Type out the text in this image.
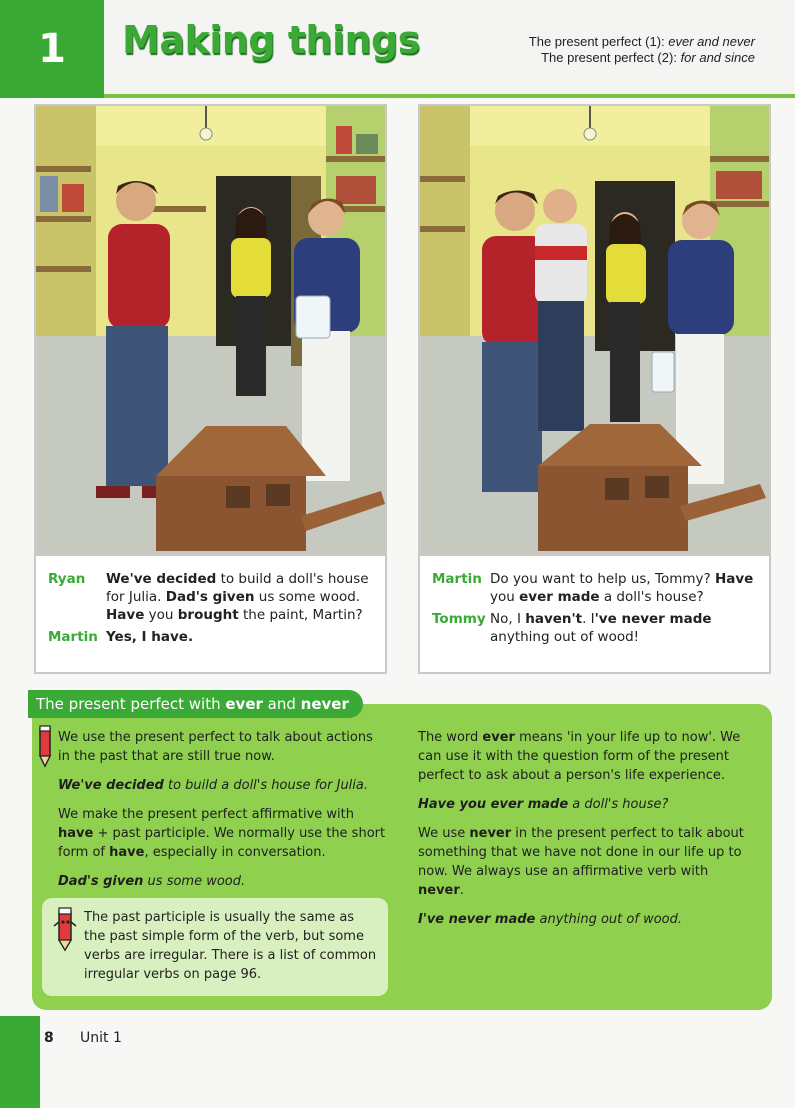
1	Making things	The present perfect (1): ever and never
The present perfect (2): for and since
Ryan	We've decided to build a doll's house for Julia. Dad's given us some wood. Have you brought the paint, Martin?
Martin Yes, I have.
Martin Do you want to help us, Tommy? Have you ever made a doll's house?
Tommy No, I haven't. I've never made anything out of wood!
The present perfect with ever and never

We use the present perfect to talk about actions in the past that are still true now.

We've decided to build a doll's house for Julia.

We make the present perfect affirmative with have + past participle. We normally use the short form of have, especially in conversation.

Dad's given us some wood.

The past participle is usually the same as the past simple form of the verb, but some verbs are irregular. There is a list of common irregular verbs on page 96.

The word ever means 'in your life up to now'. We can use it with the question form of the present perfect to ask about a person's life experience.

Have you ever made a doll's house?

We use never in the present perfect to talk about something that we have not done in our life up to now. We always use an affirmative verb with never.

I've never made anything out of wood.

8 Unit 1
